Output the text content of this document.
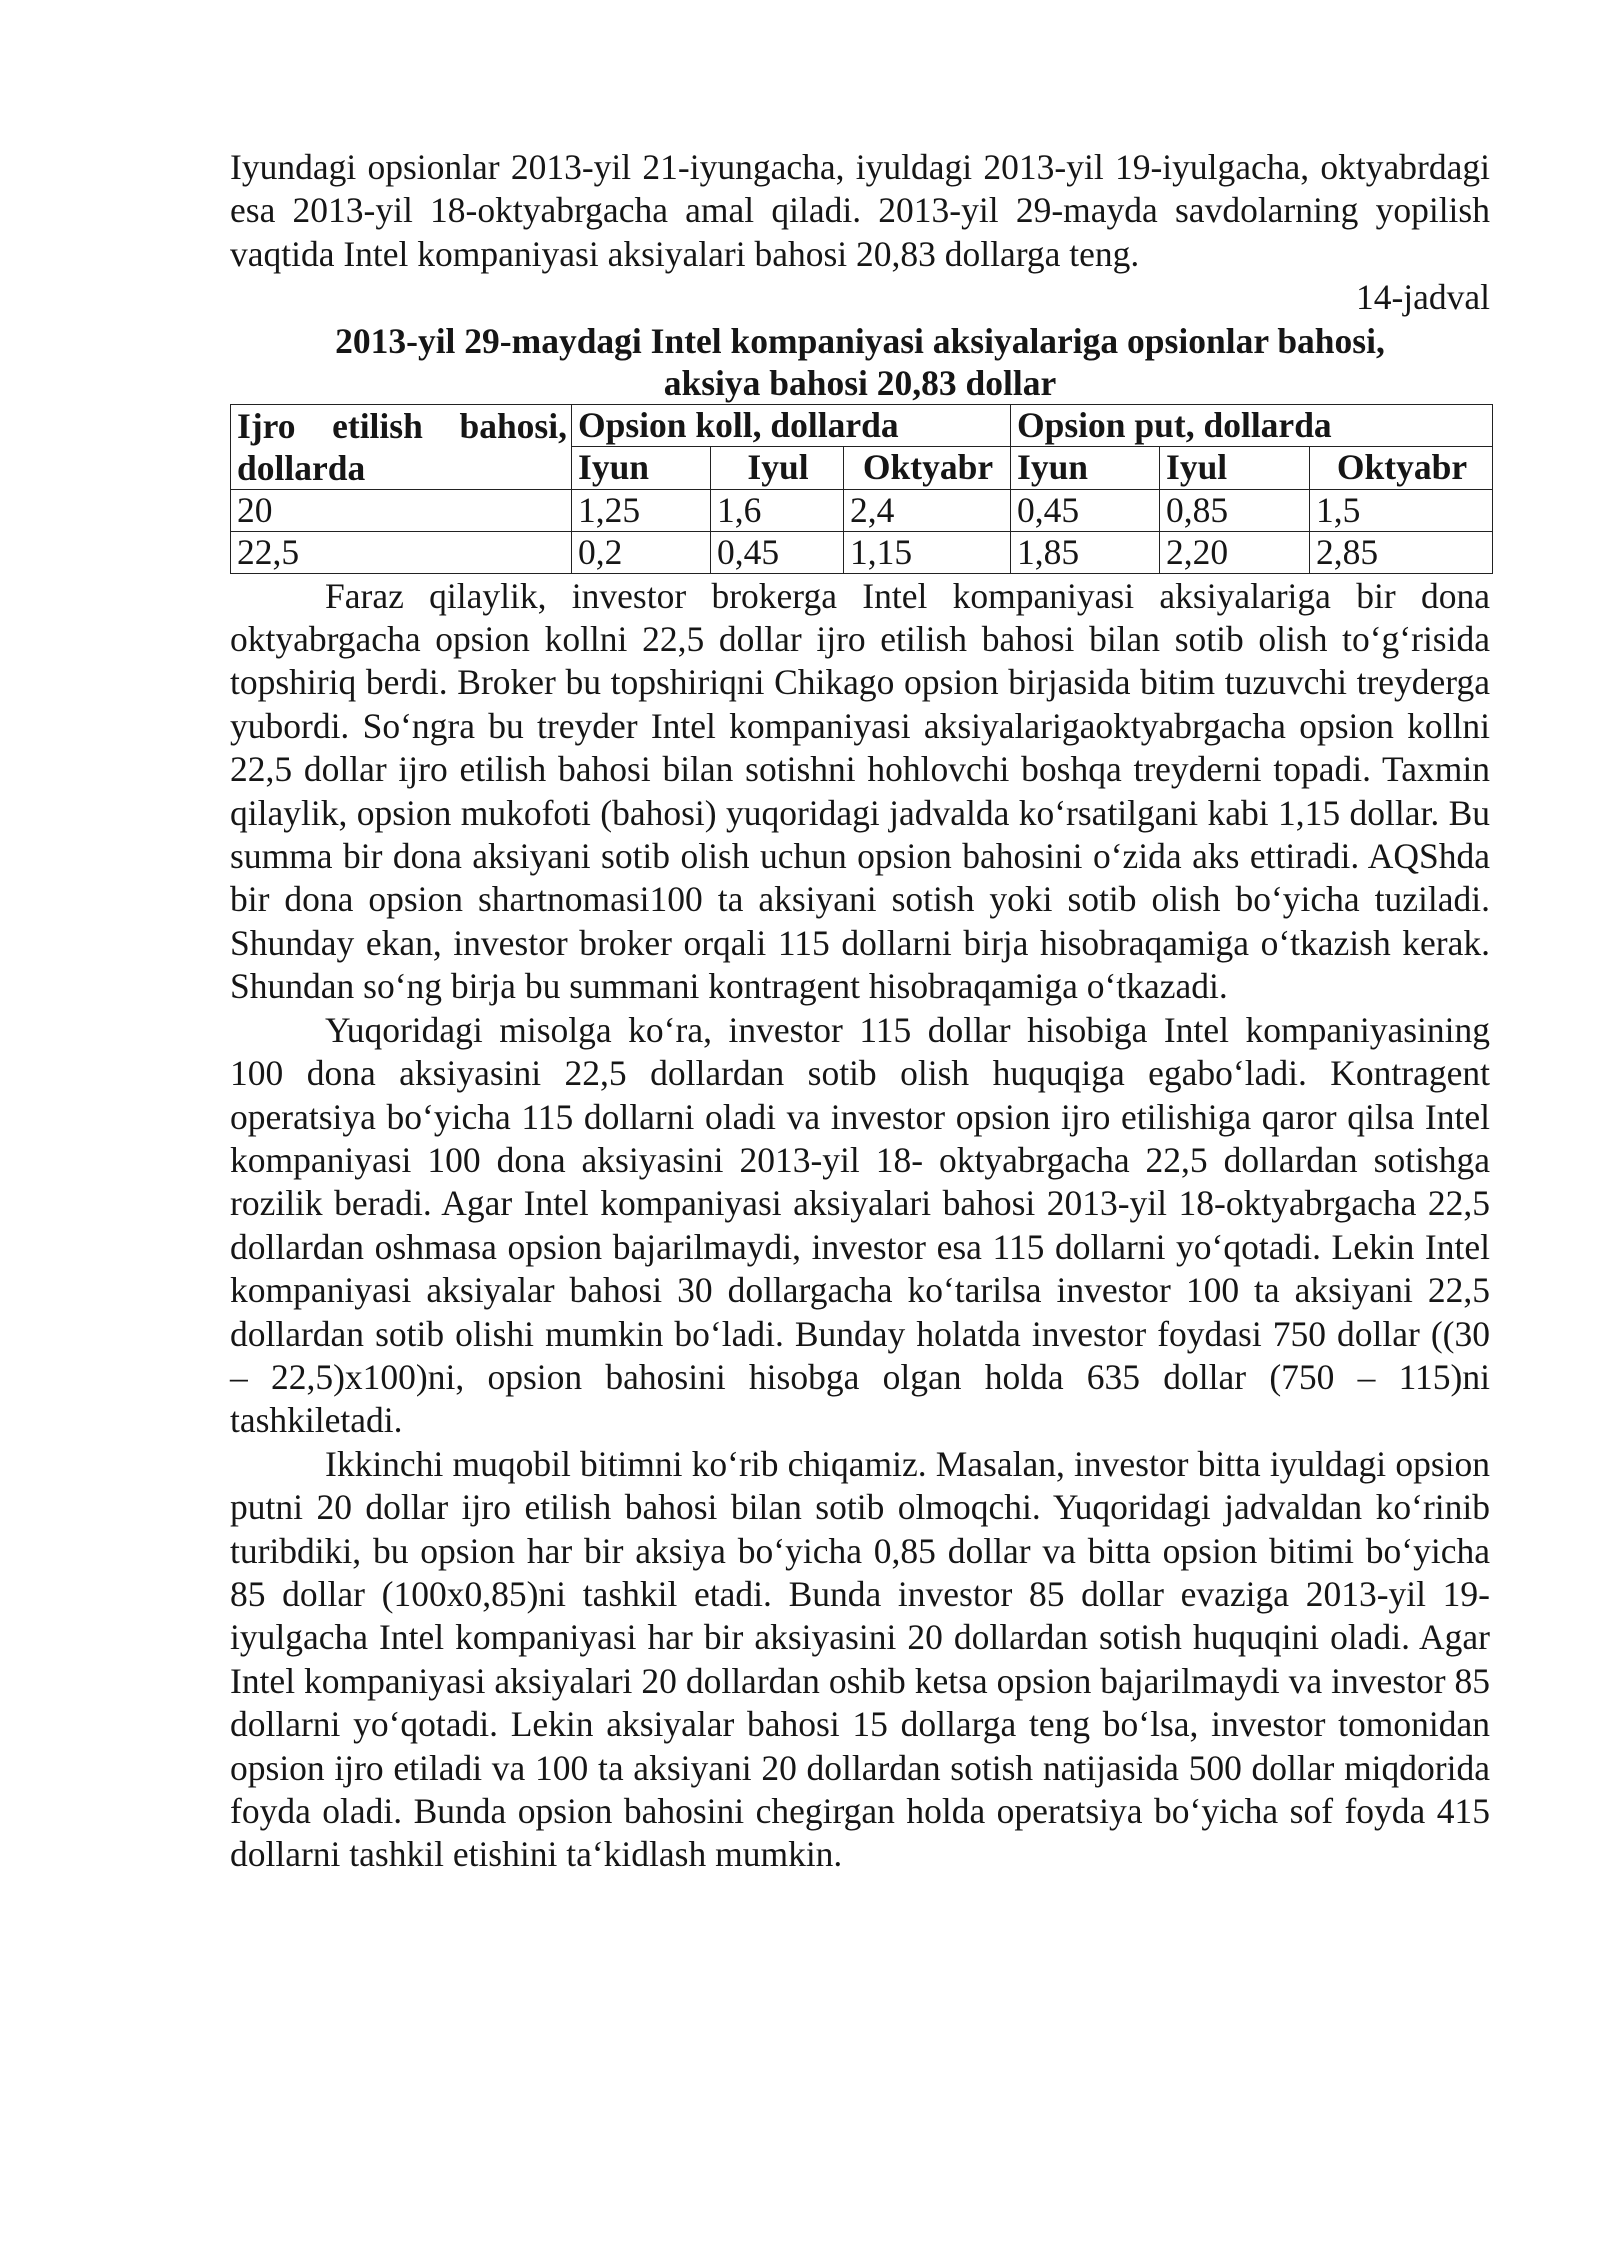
Iyundagi opsionlar 2013-yil 21-iyungacha, iyuldagi 2013-yil 19-iyulgacha, oktyabrdagi esa 2013-yil 18-oktyabrgacha amal qiladi. 2013-yil 29-mayda savdolarning yopilish vaqtida Intel kompaniyasi aksiyalari bahosi 20,83 dollarga teng.

14-jadval
2013-yil 29-maydagi Intel kompaniyasi aksiyalariga opsionlar bahosi, aksiya bahosi 20,83 dollar
Ijro etilish bahosi, dollarda	Opsion koll, dollarda			Opsion put, dollarda		
	Iyun	Iyul	Oktyabr	Iyun	Iyul	Oktyabr
20	1,25	1,6	2,4	0,45	0,85	1,5
22,5	0,2	0,45	1,15	1,85	2,20	2,85

Faraz qilaylik, investor brokerga Intel kompaniyasi aksiyalariga bir dona oktyabrgacha opsion kollni 22,5 dollar ijro etilish bahosi bilan sotib olish to‘g‘risida topshiriq berdi. Broker bu topshiriqni Chikago opsion birjasida bitim tuzuvchi treyderga yubordi. So‘ngra bu treyder Intel kompaniyasi aksiyalarigaoktyabrgacha opsion kollni 22,5 dollar ijro etilish bahosi bilan sotishni hohlovchi boshqa treyderni topadi. Taxmin qilaylik, opsion mukofoti (bahosi) yuqoridagi jadvalda ko‘rsatilgani kabi 1,15 dollar. Bu summa bir dona aksiyani sotib olish uchun opsion bahosini o‘zida aks ettiradi. AQShda bir dona opsion shartnomasi100 ta aksiyani sotish yoki sotib olish bo‘yicha tuziladi. Shunday ekan, investor broker orqali 115 dollarni birja hisobraqamiga o‘tkazish kerak. Shundan so‘ng birja bu summani kontragent hisobraqamiga o‘tkazadi.

Yuqoridagi misolga ko‘ra, investor 115 dollar hisobiga Intel kompaniyasining 100 dona aksiyasini 22,5 dollardan sotib olish huquqiga egabo‘ladi. Kontragent operatsiya bo‘yicha 115 dollarni oladi va investor opsion ijro etilishiga qaror qilsa Intel kompaniyasi 100 dona aksiyasini 2013-yil 18- oktyabrgacha 22,5 dollardan sotishga rozilik beradi. Agar Intel kompaniyasi aksiyalari bahosi 2013-yil 18-oktyabrgacha 22,5 dollardan oshmasa opsion bajarilmaydi, investor esa 115 dollarni yo‘qotadi. Lekin Intel kompaniyasi aksiyalar bahosi 30 dollargacha ko‘tarilsa investor 100 ta aksiyani 22,5 dollardan sotib olishi mumkin bo‘ladi. Bunday holatda investor foydasi 750 dollar ((30 – 22,5)x100)ni, opsion bahosini hisobga olgan holda 635 dollar (750 – 115)ni tashkiletadi.

Ikkinchi muqobil bitimni ko‘rib chiqamiz. Masalan, investor bitta iyuldagi opsion putni 20 dollar ijro etilish bahosi bilan sotib olmoqchi. Yuqoridagi jadvaldan ko‘rinib turibdiki, bu opsion har bir aksiya bo‘yicha 0,85 dollar va bitta opsion bitimi bo‘yicha 85 dollar (100x0,85)ni tashkil etadi. Bunda investor 85 dollar evaziga 2013-yil 19-iyulgacha Intel kompaniyasi har bir aksiyasini 20 dollardan sotish huquqini oladi. Agar Intel kompaniyasi aksiyalari 20 dollardan oshib ketsa opsion bajarilmaydi va investor 85 dollarni yo‘qotadi. Lekin aksiyalar bahosi 15 dollarga teng bo‘lsa, investor tomonidan opsion ijro etiladi va 100 ta aksiyani 20 dollardan sotish natijasida 500 dollar miqdorida foyda oladi. Bunda opsion bahosini chegirgan holda operatsiya bo‘yicha sof foyda 415 dollarni tashkil etishini ta‘kidlash mumkin.
